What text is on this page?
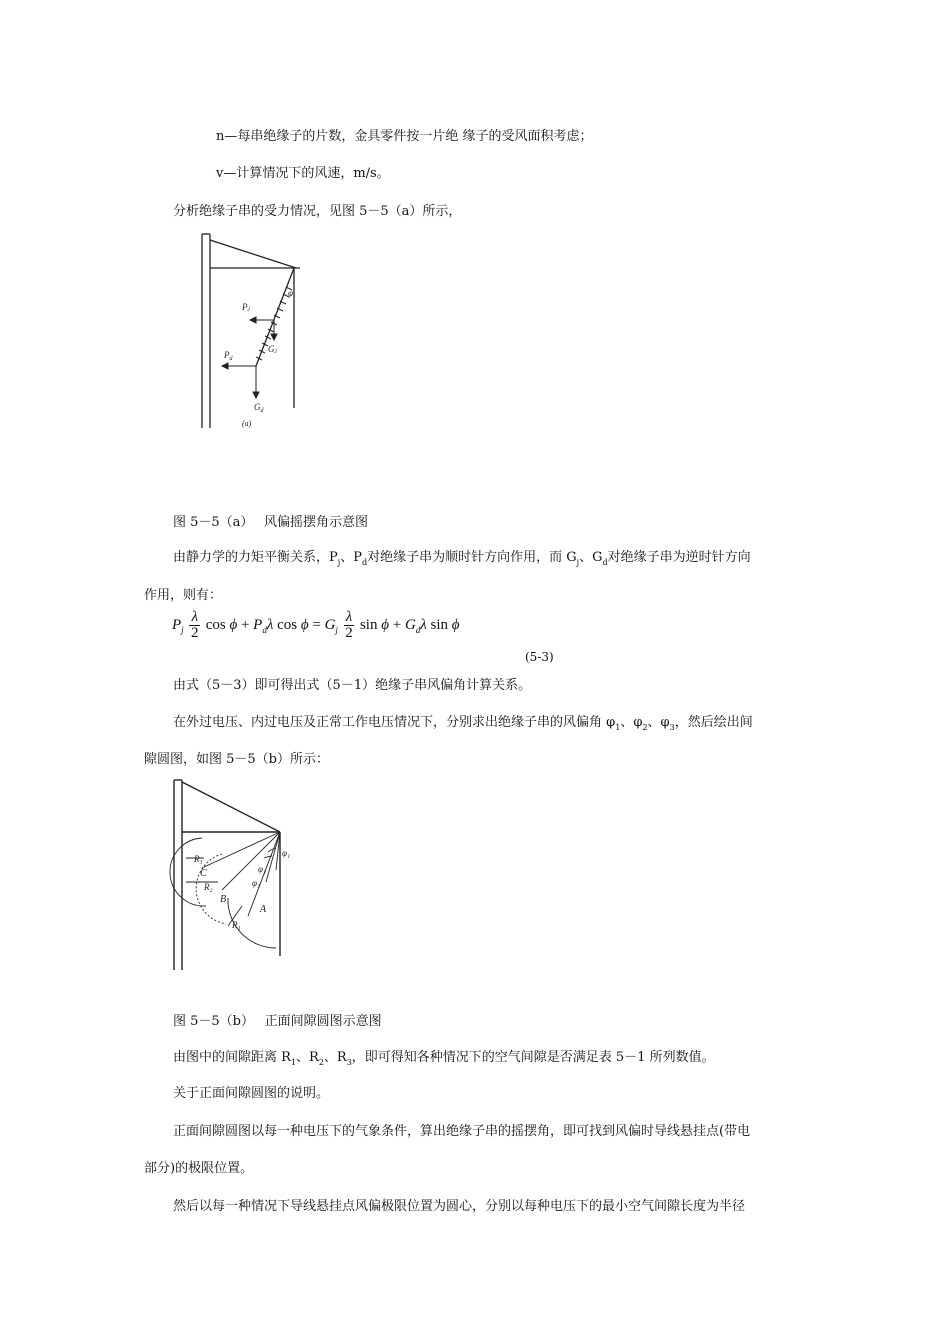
n—每串绝缘子的片数，金具零件按一片绝 缘子的受风面积考虑；
v—计算情况下的风速，m/s。
分析绝缘子串的受力情况，见图 5－5（a）所示，
φ
Pⱼ
Gⱼ
$P_d$
$G_d$
(a)
图 5－5（a）　 风偏摇摆角示意图
由静力学的力矩平衡关系，$P_j$、$P_d$对绝缘子串为顺时针方向作用，而 $G_j$、$G_d$对绝缘子串为逆时针方向
作用，则有：
$P_j \frac{\lambda}{2}$ $\cos \phi + P_d\lambda$ $\cos \phi = G_j \frac{\lambda}{2}$ $\sin \phi + G_d\lambda$ sin ϕ
(5-3)
由式（5－3）即可得出式（5－1）绝缘子串风偏角计算关系。
在外过电压、内过电压及正常工作电压情况下，分别求出绝缘子串的风偏角 $\varphi_1$、$\varphi_2$、$\varphi_3$，然后绘出间
隙圆图，如图 5－5（b）所示：
φ₁
φ₂
φ₃
R₃
R₂
R₁
C
B
A
图 5－5（b）　 正面间隙圆图示意图
由图中的间隙距离 $R_1$、$R_2$、$R_3$，即可得知各种情况下的空气间隙是否满足表 5－1 所列数值。
关于正面间隙圆图的说明。
正面间隙圆图以每一种电压下的气象条件，算出绝缘子串的摇摆角，即可找到风偏时导线悬挂点(带电
部分)的极限位置。
然后以每一种情况下导线悬挂点风偏极限位置为圆心，分别以每种电压下的最小空气间隙长度为半径
